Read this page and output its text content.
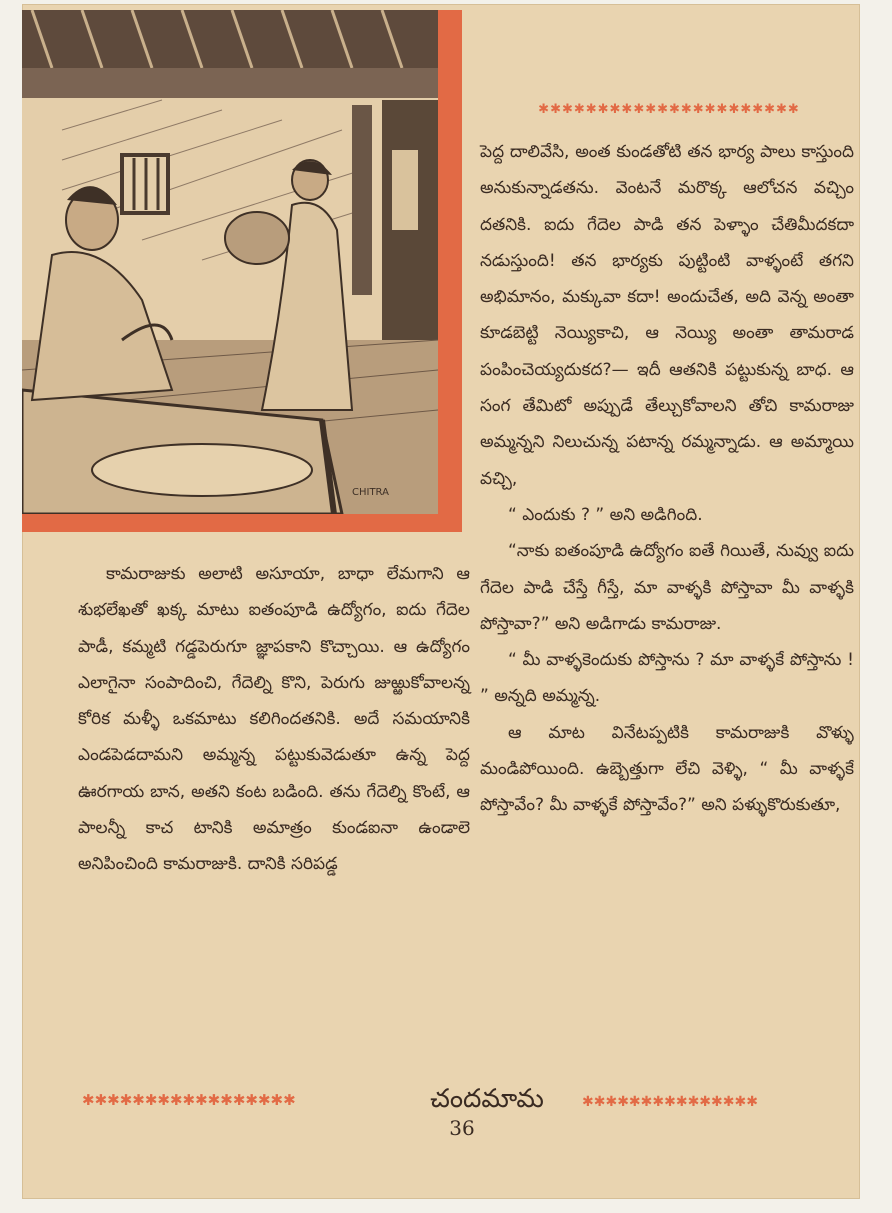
CHITRA
✱✱✱✱✱✱✱✱✱✱✱✱✱✱✱✱✱✱✱✱✱✱

పెద్ద దాలివేసి, అంత కుండతోటి తన భార్య పాలు కాస్తుంది అనుకున్నాడతను. వెంటనే మరొక్క ఆలోచన వచ్చిం దతనికి. ఐదు గేదెల పాడి తన పెళ్ళాం చేతిమీదకదా నడుస్తుంది! తన భార్యకు పుట్టింటి వాళ్ళంటే తగని అభిమానం, మక్కువా కదా! అందుచేత, అది వెన్న అంతా కూడబెట్టి నెయ్యికాచి, ఆ నెయ్యి అంతా తామరాడ పంపించెయ్యదుకద?— ఇదీ ఆతనికి పట్టుకున్న బాధ. ఆ సంగ తేమిటో అప్పుడే తేల్చుకోవాలని తోచి కామరాజు అమ్మన్నని నిలుచున్న పటాన్న రమ్మన్నాడు. ఆ అమ్మాయి వచ్చి,

“ ఎందుకు ? ” అని అడిగింది.

“నాకు ఐతంపూడి ఉద్యోగం ఐతే గియితే, నువ్వు ఐదు గేదెల పాడి చేస్తే గీస్తే, మా వాళ్ళకి పోస్తావా మీ వాళ్ళకి పోస్తావా?” అని అడిగాడు కామరాజు.

“ మీ వాళ్ళకెందుకు పోస్తాను ? మా వాళ్ళకే పోస్తాను ! ” అన్నది అమ్మన్న.

ఆ మాట వినేటప్పటికి కామరాజుకి వొళ్ళు మండిపోయింది. ఉబ్బెత్తుగా లేచి వెళ్ళి, “ మీ వాళ్ళకే పోస్తావేం? మీ వాళ్ళకే పోస్తావేం?” అని పళ్ళుకొరుకుతూ,

కామరాజుకు అలాటి అసూయా, బాధా లేమగాని ఆ శుభలేఖతో ఖక్క మాటు ఐతంపూడి ఉద్యోగం, ఐదు గేదెల పాడీ, కమ్మటి గడ్డపెరుగూ జ్ఞాపకాని కొచ్చాయి. ఆ ఉద్యోగం ఎలాగైనా సంపాదించి, గేదెల్ని కొని, పెరుగు జుఱ్ఱుకోవాలన్న కోరిక మళ్ళీ ఒకమాటు కలిగిందతనికి. అదే సమయానికి ఎండపెడదామని అమ్మన్న పట్టుకువెడుతూ ఉన్న పెద్ద ఊరగాయ బాన, అతని కంట బడింది. తను గేదెల్ని కొంటే, ఆ పాలన్నీ కాచ టానికి అమాత్రం కుండఐనా ఉండాలె అనిపించింది కామరాజుకి. దానికి సరిపడ్డ

✱✱✱✱✱✱✱✱✱✱✱✱✱✱✱✱✱	చందమామ	✱✱✱✱✱✱✱✱✱✱✱✱✱✱✱
36
